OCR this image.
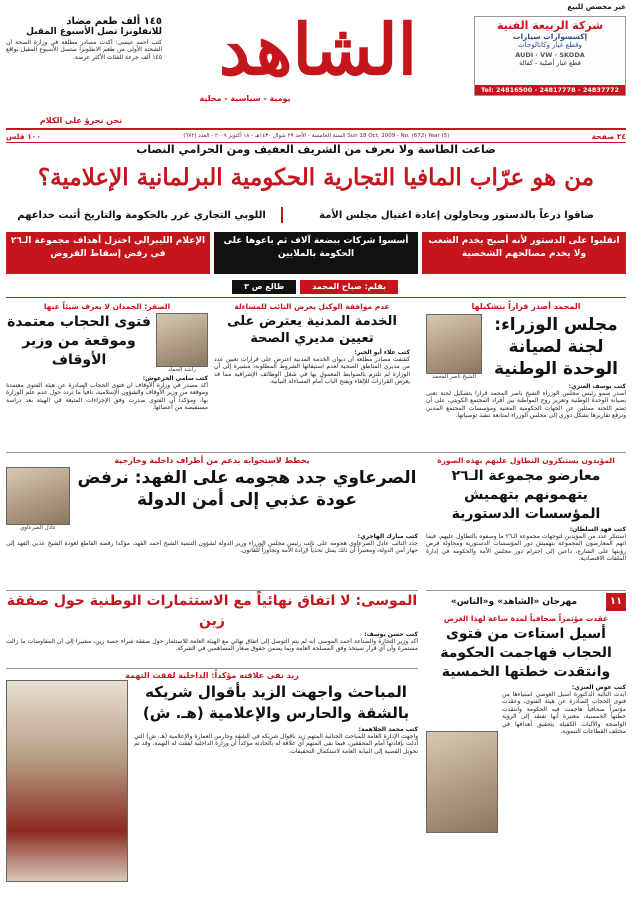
غير مخصص للبيع
شركة الربيعة الفنية
إكسسوارات سيارات
وقطع غيار وكاتالوجات
AUDI · VW · SKODA
قطع غيار أصلية - كفالة
Tel: 24816500 - 24817778 - 24837772
الشاهد
يومية - سياسية - محلية
نحن نجرؤ على الكلام
١٤٥ ألف طعم مضاد
للانفلونزا تصل الأسبوع المقبل
كتب أحمد عيسى: أكدت مصادر مطلعة في وزارة الصحة أن الشحنة الأولى من طعم الانفلونزا ستصل الأسبوع المقبل بواقع ١٤٥ ألف جرعة للفئات الأكثر عرضة.
٢٤ صفحة
Sun 18 Oct, 2009 - No. (672) Year (5) السنة الخامسة - الأحد ٢٩ شوال ١٤٣٠هـ - ١٨ أكتوبر ٢٠٠٩ - العدد (٦٧٢)
١٠٠ فلس
ضاعت الطاسة ولا نعرف من الشريف العفيف ومن الحرامي النصاب
من هو عرّاب المافيا التجارية الحكومية البرلمانية الإعلامية؟
ضاقوا ذرعاً بالدستور ويحاولون إعادة اغتيال مجلس الأمة
اللوبي التجاري غرر بالحكومة والتاريخ أثبت خداعهم
انقلبوا على الدستور لأنه أصبح يخدم الشعب ولا يخدم مصالحهم الشخصية
أسسوا شركات ببضعة آلاف ثم باعوها على الحكومة بالملايين
الإعلام الليبرالي اختزل أهداف مجموعة الـ٢٦ في رفض إسقاط القروض
بقلم: صباح المحمد
طالع ص ٣
المحمد أصدر قراراً بتشكيلها
مجلس الوزراء: لجنة لصيانة الوحدة الوطنية
الشيخ ناصر المحمد
كتب يوسف العنزي:
أصدر سمو رئيس مجلس الوزراء الشيخ ناصر المحمد قراراً بتشكيل لجنة تعنى بصيانة الوحدة الوطنية وتعزيز روح المواطنة بين أفراد المجتمع الكويتي، على أن تضم اللجنة ممثلين عن الجهات الحكومية المعنية ومؤسسات المجتمع المدني وترفع تقاريرها بشكل دوري إلى مجلس الوزراء لمتابعة تنفيذ توصياتها.
عدم موافقة الوكيل يعرض النائب للمساءلة
الخدمة المدنية يعترض على تعيين مديري الصحة
كتب علاء أبو الخير:
كشفت مصادر مطلعة أن ديوان الخدمة المدنية اعترض على قرارات تعيين عدد من مديري المناطق الصحية لعدم استيفائها الشروط المطلوبة، مشيرة إلى أن الوزارة لم تلتزم بالضوابط المعمول بها في شغل الوظائف الإشرافية مما قد يعرض القرارات للإلغاء ويفتح الباب أمام المساءلة النيابية.
الصقر: الحمدان لا يعرف شيئاً عنها
راشد الحماد
فتوى الحجاب معتمدة وموقعة من وزير الأوقاف
كتب سامي الخرعوش:
أكد مصدر في وزارة الأوقاف أن فتوى الحجاب الصادرة عن هيئة الفتوى معتمدة وموقعة من وزير الأوقاف والشؤون الإسلامية، نافياً ما تردد حول عدم علم الوزارة بها، ومؤكداً أن الفتوى صدرت وفق الإجراءات المتبعة في الهيئة بعد دراسة مستفيضة من أعضائها.
المؤيدون يستنكرون التطاول عليهم بهذه الصورة
معارضو مجموعة الـ٢٦ يتهمونهم بتهميش المؤسسات الدستورية
كتب فهد السلطان:
استنكر عدد من المؤيدين لتوجهات مجموعة الـ٢٦ ما وصفوه بالتطاول عليهم، فيما اتهم المعارضون المجموعة بتهميش دور المؤسسات الدستورية ومحاولة فرض رؤيتها على الشارع، داعين إلى احترام دور مجلس الأمة والحكومة في إدارة الملفات الاقتصادية.
يخطط لاستجوابه بدعم من أطراف داخلية وخارجية
الصرعاوي جدد هجومه على الفهد: نرفض عودة عذبي إلى أمن الدولة
عادل الصرعاوي
كتب مبارك الهاجري:
جدد النائب عادل الصرعاوي هجومه على نائب رئيس مجلس الوزراء وزير الدولة لشؤون التنمية الشيخ أحمد الفهد، مؤكداً رفضه القاطع لعودة الشيخ عذبي الفهد إلى جهاز أمن الدولة، ومعتبراً أن ذلك يمثل تحدياً لإرادة الأمة وتجاوزاً للقانون.
الموسى: لا اتفاق نهائياً مع الاستثمارات الوطنية حول صفقة زين
كتب حسن يوسف:
أكد وزير التجارة والصناعة أحمد الموسى أنه لم يتم التوصل إلى اتفاق نهائي مع الهيئة العامة للاستثمار حول صفقة شراء حصة زين، مشيراً إلى أن المفاوضات ما زالت مستمرة وأن أي قرار سيتخذ وفق المصلحة العامة وبما يضمن حقوق صغار المساهمين في الشركة.
١١
مهرجان «الشاهد» و«الناس»
عقدت مؤتمراً صحافياً لمدة ساعة لهذا الغرض
أسيل استاءت من فتوى الحجاب فهاجمت الحكومة وانتقدت خطتها الخمسية
كتب عوض العنزي:
أبدت النائبة الدكتورة أسيل العوضي استياءها من فتوى الحجاب الصادرة عن هيئة الفتوى، وعقدت مؤتمراً صحافياً هاجمت فيه الحكومة وانتقدت خطتها الخمسية، معتبرة أنها تفتقد إلى الرؤية الواضحة والآليات الكفيلة بتحقيق أهدافها في مختلف القطاعات التنموية.
زيد نفى علاقته مؤكداً: الداخلية لفقت التهمة
المباحث واجهت الزيد بأقوال شريكه بالشقة والحارس والإعلامية (هـ. ش)
كتب محمد الجلاهمة:
واجهت الإدارة العامة للمباحث الجنائية المتهم زيد بأقوال شريكه في الشقة وحارس العمارة والإعلامية (هـ. ش) التي أدلت بإفادتها أمام المحققين، فيما نفى المتهم أي علاقة له بالحادثة مؤكداً أن وزارة الداخلية لفقت له التهمة، وقد تم تحويل القضية إلى النيابة العامة لاستكمال التحقيقات.
